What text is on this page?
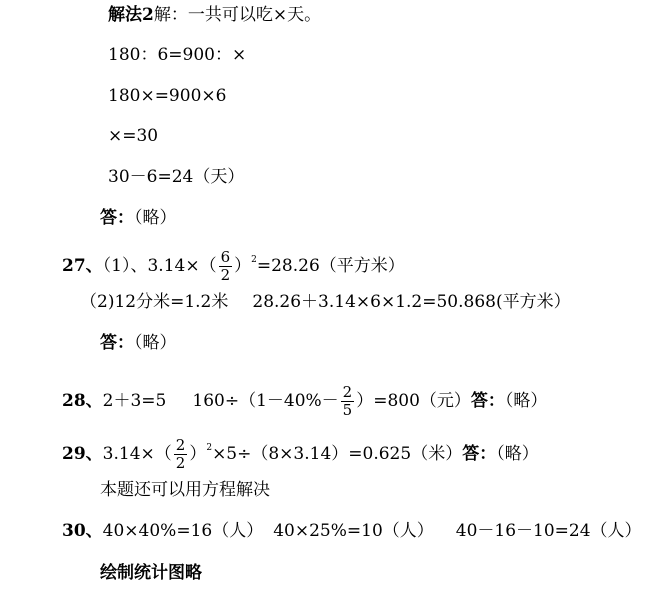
解法2解：一共可以吃×天。
180：6=900：×
180×=900×6
×=30
30－6=24（天）
答：（略）
27、（1）、$3.14\times( \frac{6}{2} )^2=28.26$（平方米）
（2)12分米=1.2米 28.26＋3.14×6×1.2=50.868(平方米）
答：（略）
28、2＋3=5 $160\div(1-40\%- \frac{2}{5} )=800$（元）答：（略）
29、$3.14\times( \frac{2}{2} )^2\times 5\div(8\times 3.14)=0.625$（米）答：（略）
本题还可以用方程解决
30、40×40%=16（人） 40×25%=10（人） 40－16－10=24（人）
绘制统计图略
